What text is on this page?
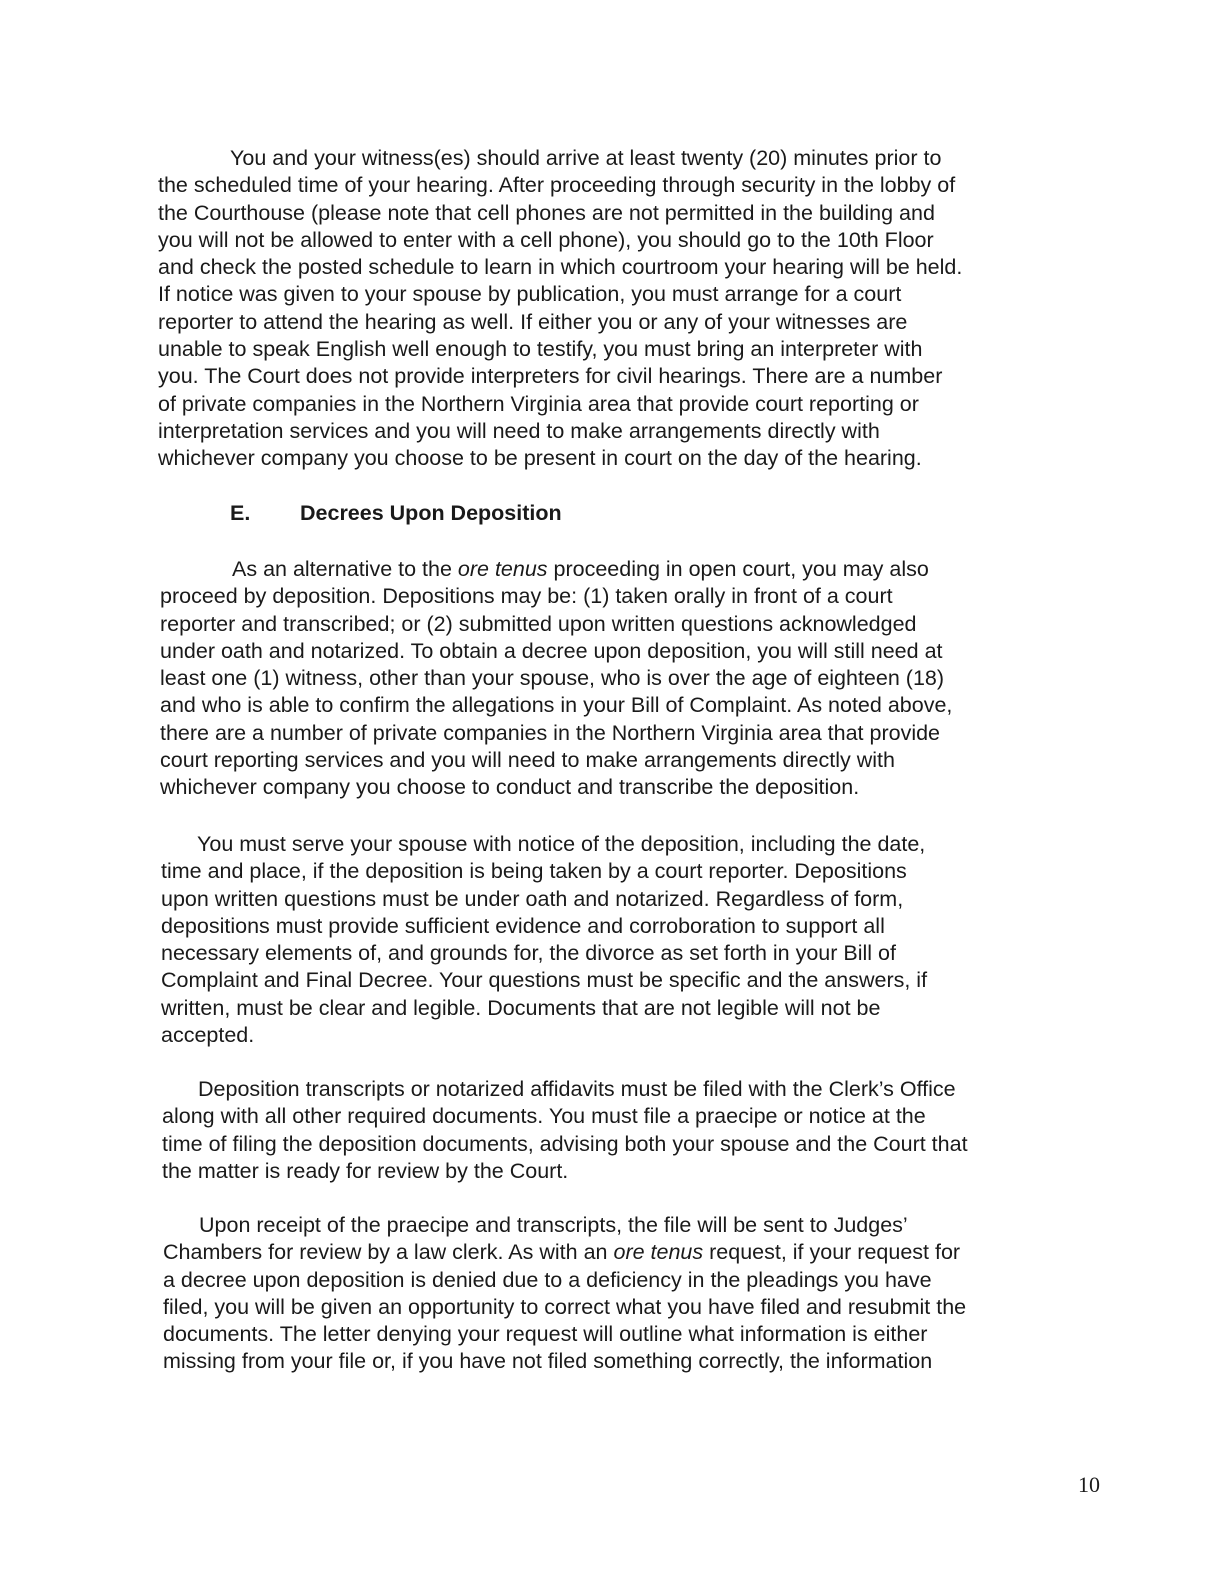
You and your witness(es) should arrive at least twenty (20) minutes prior to
the scheduled time of your hearing. After proceeding through security in the lobby of
the Courthouse (please note that cell phones are not permitted in the building and
you will not be allowed to enter with a cell phone), you should go to the 10th Floor
and check the posted schedule to learn in which courtroom your hearing will be held.
If notice was given to your spouse by publication, you must arrange for a court
reporter to attend the hearing as well. If either you or any of your witnesses are
unable to speak English well enough to testify, you must bring an interpreter with
you. The Court does not provide interpreters for civil hearings. There are a number
of private companies in the Northern Virginia area that provide court reporting or
interpretation services and you will need to make arrangements directly with
whichever company you choose to be present in court on the day of the hearing.
E. Decrees Upon Deposition
As an alternative to the ore tenus proceeding in open court, you may also
proceed by deposition. Depositions may be: (1) taken orally in front of a court
reporter and transcribed; or (2) submitted upon written questions acknowledged
under oath and notarized. To obtain a decree upon deposition, you will still need at
least one (1) witness, other than your spouse, who is over the age of eighteen (18)
and who is able to confirm the allegations in your Bill of Complaint. As noted above,
there are a number of private companies in the Northern Virginia area that provide
court reporting services and you will need to make arrangements directly with
whichever company you choose to conduct and transcribe the deposition.
You must serve your spouse with notice of the deposition, including the date,
time and place, if the deposition is being taken by a court reporter. Depositions
upon written questions must be under oath and notarized. Regardless of form,
depositions must provide sufficient evidence and corroboration to support all
necessary elements of, and grounds for, the divorce as set forth in your Bill of
Complaint and Final Decree. Your questions must be specific and the answers, if
written, must be clear and legible. Documents that are not legible will not be
accepted.
Deposition transcripts or notarized affidavits must be filed with the Clerk’s Office
along with all other required documents. You must file a praecipe or notice at the
time of filing the deposition documents, advising both your spouse and the Court that
the matter is ready for review by the Court.
Upon receipt of the praecipe and transcripts, the file will be sent to Judges’
Chambers for review by a law clerk. As with an ore tenus request, if your request for
a decree upon deposition is denied due to a deficiency in the pleadings you have
filed, you will be given an opportunity to correct what you have filed and resubmit the
documents. The letter denying your request will outline what information is either
missing from your file or, if you have not filed something correctly, the information
10
